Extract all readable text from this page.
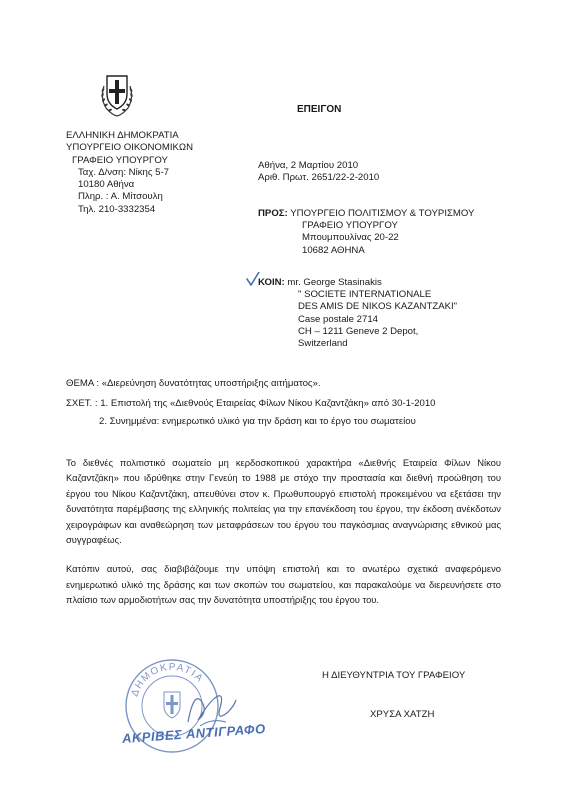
ΕΠΕΙΓΟΝ
ΕΛΛΗΝΙΚΗ ΔΗΜΟΚΡΑΤΙΑ
ΥΠΟΥΡΓΕΙΟ ΟΙΚΟΝΟΜΙΚΩΝ
ΓΡΑΦΕΙΟ ΥΠΟΥΡΓΟΥ
Ταχ. Δ/νση: Νίκης 5-7
10180 Αθήνα
Πληρ. : Α. Μίτσουλη
Τηλ. 210-3332354
Αθήνα, 2 Μαρτίου 2010
Αριθ. Πρωτ. 2651/22-2-2010
ΠΡΟΣ: ΥΠΟΥΡΓΕΙΟ ΠΟΛΙΤΙΣΜΟΥ & ΤΟΥΡΙΣΜΟΥ
ΓΡΑΦΕΙΟ ΥΠΟΥΡΓΟΥ
Μπουμπουλίνας 20-22
10682 ΑΘΗΝΑ
ΚΟΙΝ: mr. George Stasinakis
" SOCIETE INTERNATIONALE
DES AMIS DE NIKOS KAZANTZAKI"
Case postale 2714
CH – 1211 Geneve 2 Depot,
Switzerland
ΘΕΜΑ : «Διερεύνηση δυνατότητας υποστήριξης αιτήματος».
ΣΧΕΤ. : 1. Επιστολή της «Διεθνούς Εταιρείας Φίλων Νίκου Καζαντζάκη» από 30-1-2010
2. Συνημμένα: ενημερωτικό υλικό για την δράση και το έργο του σωματείου

Το διεθνές πολιτιστικό σωματείο μη κερδοσκοπικού χαρακτήρα «Διεθνής Εταιρεία Φίλων Νίκου Καζαντζάκη» που ιδρύθηκε στην Γενεύη το 1988 με στόχο την προστασία και διεθνή προώθηση του έργου του Νίκου Καζαντζάκη, απευθύνει στον κ. Πρωθυπουργό επιστολή προκειμένου να εξετάσει την δυνατότητα παρέμβασης της ελληνικής πολιτείας για την επανέκδοση του έργου, την έκδοση ανέκδοτων χειρογράφων και αναθεώρηση των μεταφράσεων του έργου του παγκόσμιας αναγνώρισης εθνικού μας συγγραφέως.

Κατόπιν αυτού, σας διαβιβάζουμε την υπόψη επιστολή και το ανωτέρω σχετικά αναφερόμενο ενημερωτικό υλικό της δράσης και των σκοπών του σωματείου, και παρακαλούμε να διερευνήσετε στο πλαίσιο των αρμοδιοτήτων σας την δυνατότητα υποστήριξης του έργου του.

Η ΔΙΕΥΘΥΝΤΡΙΑ ΤΟΥ ΓΡΑΦΕΙΟΥ
ΧΡΥΣΑ ΧΑΤΖΗ
ΔΗΜΟΚΡΑΤΙΑ
ΑΚΡΙΒΕΣ ΑΝΤΙΓΡΑΦΟ
